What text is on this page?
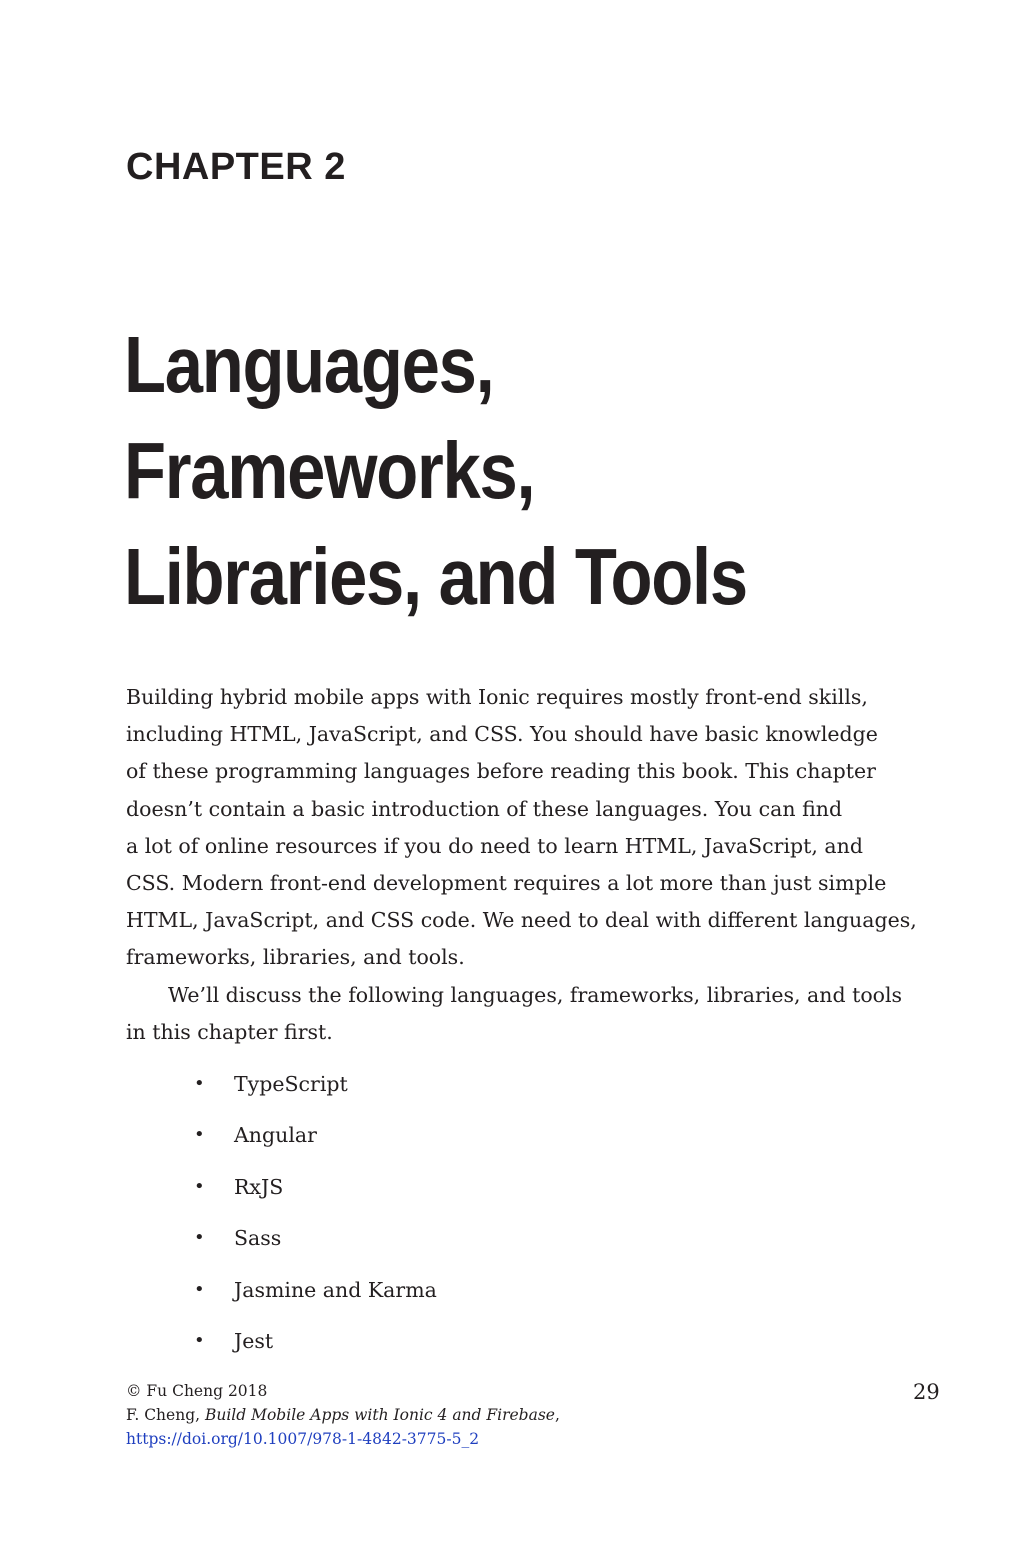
CHAPTER 2
Languages,
Frameworks,
Libraries, and Tools

Building hybrid mobile apps with Ionic requires mostly front-end skills,
including HTML, JavaScript, and CSS. You should have basic knowledge
of these programming languages before reading this book. This chapter
doesn’t contain a basic introduction of these languages. You can find
a lot of online resources if you do need to learn HTML, JavaScript, and
CSS. Modern front-end development requires a lot more than just simple
HTML, JavaScript, and CSS code. We need to deal with different languages,
frameworks, libraries, and tools.

We’ll discuss the following languages, frameworks, libraries, and tools
in this chapter first.

• TypeScript
• Angular
• RxJS
• Sass
• Jasmine and Karma
• Jest
© Fu Cheng 2018
F. Cheng, Build Mobile Apps with Ionic 4 and Firebase,
https://doi.org/10.1007/978-1-4842-3775-5_2
29
